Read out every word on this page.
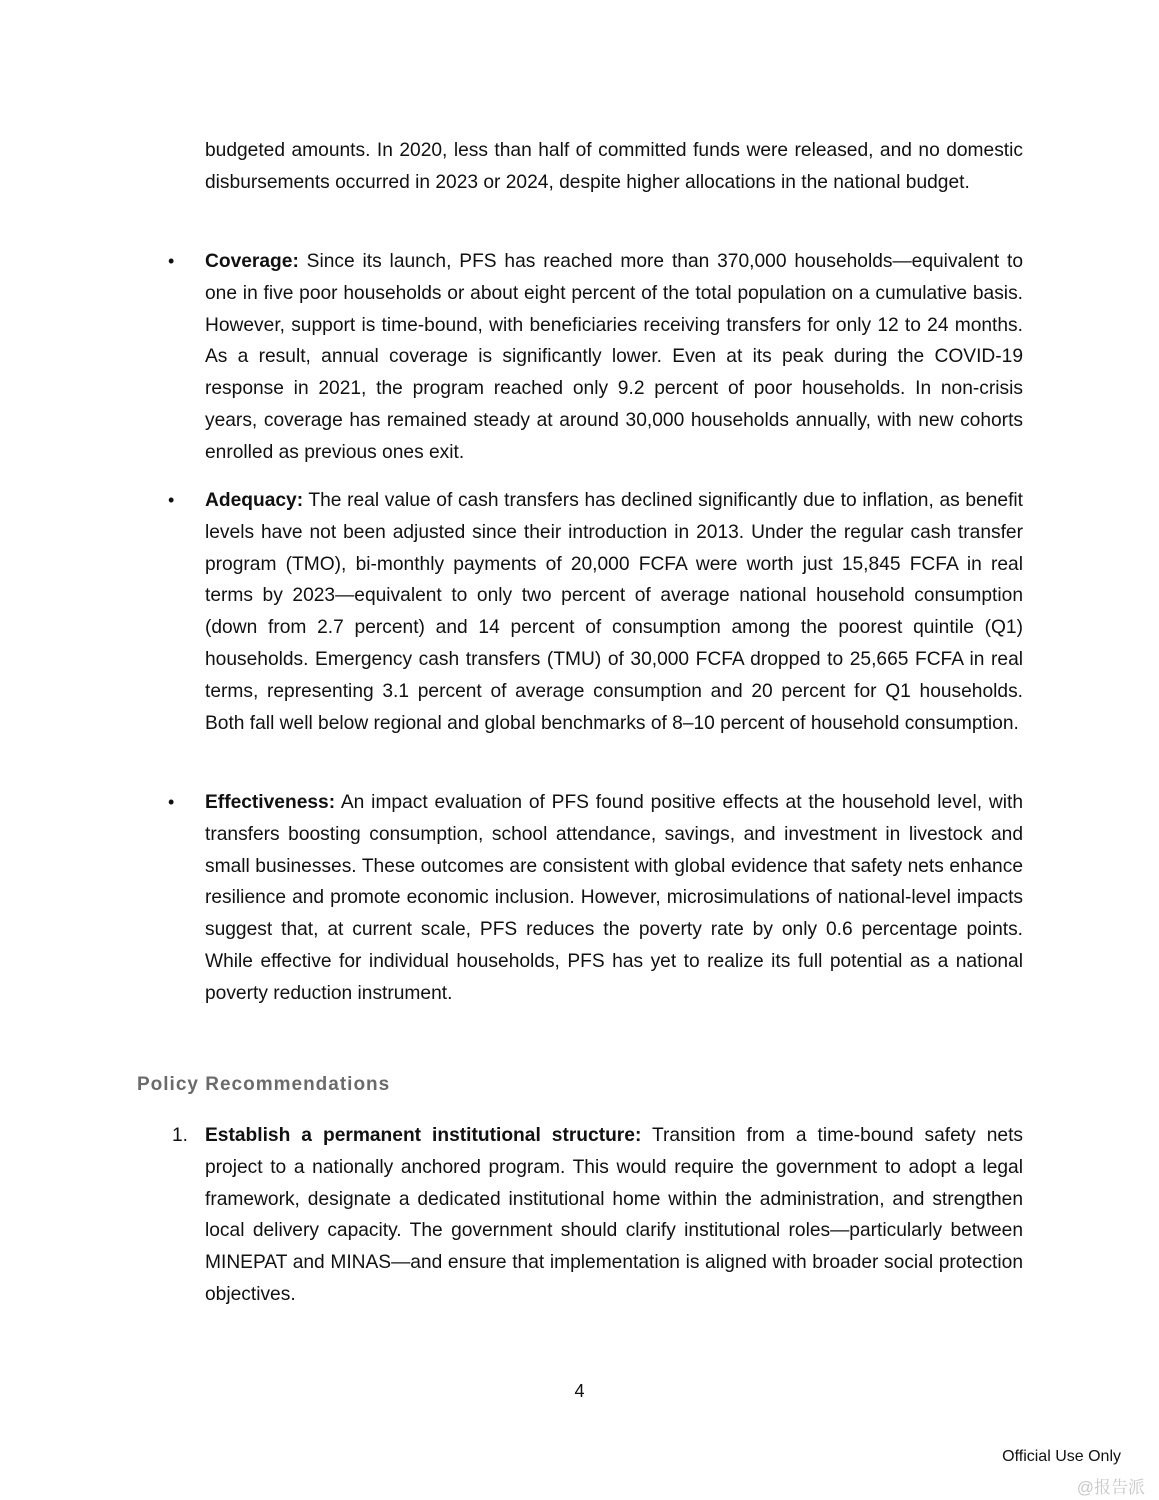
budgeted amounts. In 2020, less than half of committed funds were released, and no domestic disbursements occurred in 2023 or 2024, despite higher allocations in the national budget.

• Coverage: Since its launch, PFS has reached more than 370,000 households—equivalent to one in five poor households or about eight percent of the total population on a cumulative basis. However, support is time-bound, with beneficiaries receiving transfers for only 12 to 24 months. As a result, annual coverage is significantly lower. Even at its peak during the COVID-19 response in 2021, the program reached only 9.2 percent of poor households. In non-crisis years, coverage has remained steady at around 30,000 households annually, with new cohorts enrolled as previous ones exit.

• Adequacy: The real value of cash transfers has declined significantly due to inflation, as benefit levels have not been adjusted since their introduction in 2013. Under the regular cash transfer program (TMO), bi-monthly payments of 20,000 FCFA were worth just 15,845 FCFA in real terms by 2023—equivalent to only two percent of average national household consumption (down from 2.7 percent) and 14 percent of consumption among the poorest quintile (Q1) households. Emergency cash transfers (TMU) of 30,000 FCFA dropped to 25,665 FCFA in real terms, representing 3.1 percent of average consumption and 20 percent for Q1 households. Both fall well below regional and global benchmarks of 8–10 percent of household consumption.

• Effectiveness: An impact evaluation of PFS found positive effects at the household level, with transfers boosting consumption, school attendance, savings, and investment in livestock and small businesses. These outcomes are consistent with global evidence that safety nets enhance resilience and promote economic inclusion. However, microsimulations of national-level impacts suggest that, at current scale, PFS reduces the poverty rate by only 0.6 percentage points. While effective for individual households, PFS has yet to realize its full potential as a national poverty reduction instrument.

Policy Recommendations
1. Establish a permanent institutional structure: Transition from a time-bound safety nets project to a nationally anchored program. This would require the government to adopt a legal framework, designate a dedicated institutional home within the administration, and strengthen local delivery capacity. The government should clarify institutional roles—particularly between MINEPAT and MINAS—and ensure that implementation is aligned with broader social protection objectives.

4
Official Use Only
@报告派
